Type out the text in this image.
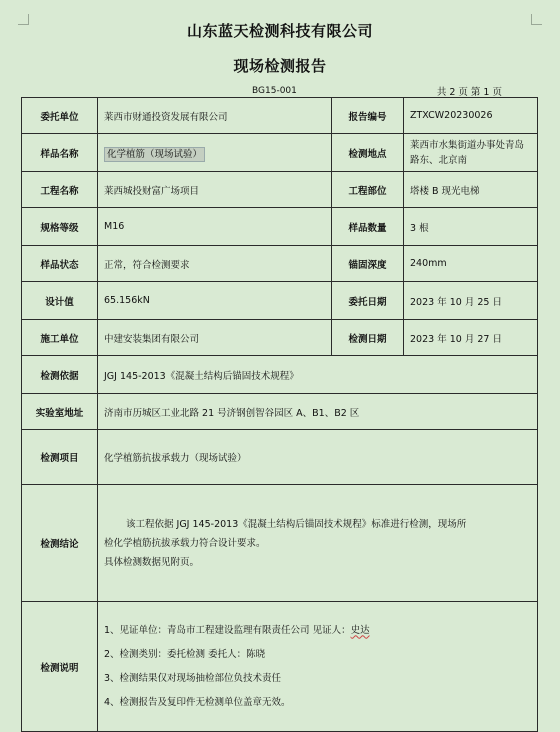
山东蓝天检测科技有限公司
现场检测报告
BG15-001	共 2 页 第 1 页
委托单位	莱西市财通投资发展有限公司	报告编号	ZTXCW20230026
样品名称	化学植筋（现场试验）	检测地点	莱西市水集街道办事处青岛路东、北京南
工程名称	莱西城投财富广场项目	工程部位	塔楼 B 现光电梯
规格等级	M16	样品数量	3 根
样品状态	正常，符合检测要求	锚固深度	240mm
设计值	65.156kN	委托日期	2023 年 10 月 25 日
施工单位	中建安装集团有限公司	检测日期	2023 年 10 月 27 日
检测依据	JGJ 145-2013《混凝土结构后锚固技术规程》		
实验室地址	济南市历城区工业北路 21 号济钢创智谷园区 A、B1、B2 区		
检测项目	化学植筋抗拔承载力（现场试验）		
检测结论	该工程依据 JGJ 145-2013《混凝土结构后锚固技术规程》标准进行检测，现场所
检化学植筋抗拔承载力符合设计要求。
具体检测数据见附页。		

检测说明	1、见证单位：青岛市工程建设监理有限责任公司 见证人：史达
2、检测类别：委托检测 委托人：陈晓
3、检测结果仅对现场抽检部位负技术责任
4、检测报告及复印件无检测单位盖章无效。		
